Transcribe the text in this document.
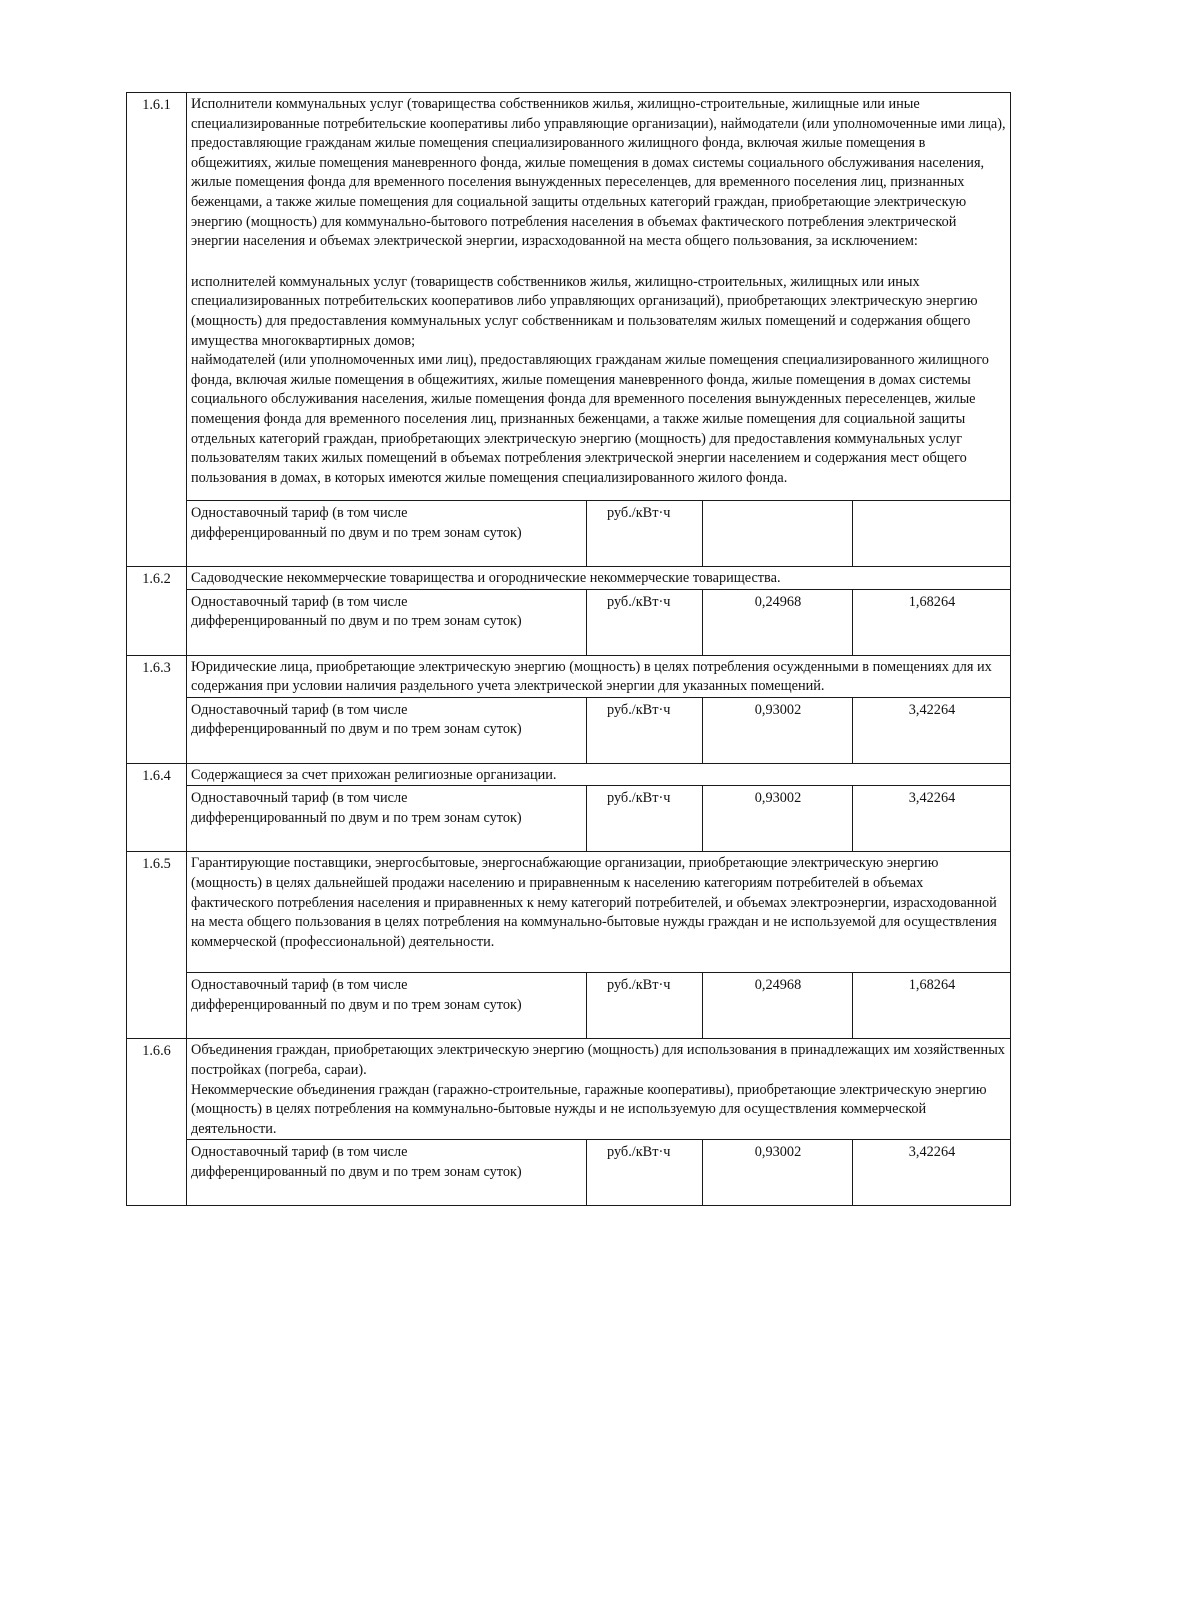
1.6.1	Исполнители коммунальных услуг (товарищества собственников жилья, жилищно-строительные, жилищные или иные специализированные потребительские кооперативы либо управляющие организации), наймодатели (или уполномоченные ими лица), предоставляющие гражданам жилые помещения специализированного жилищного фонда, включая жилые помещения в общежитиях, жилые помещения маневренного фонда, жилые помещения в домах системы социального обслуживания населения, жилые помещения фонда для временного поселения вынужденных переселенцев, для временного поселения лиц, признанных беженцами, а также жилые помещения для социальной защиты отдельных категорий граждан, приобретающие электрическую энергию (мощность) для коммунально-бытового потребления населения в объемах фактического потребления электрической энергии населения и объемах электрической энергии, израсходованной на места общего пользования, за исключением:

исполнителей коммунальных услуг (товариществ собственников жилья, жилищно-строительных, жилищных или иных специализированных потребительских кооперативов либо управляющих организаций), приобретающих электрическую энергию (мощность) для предоставления коммунальных услуг собственникам и пользователям жилых помещений и содержания общего имущества многоквартирных домов;

наймодателей (или уполномоченных ими лиц), предоставляющих гражданам жилые помещения специализированного жилищного фонда, включая жилые помещения в общежитиях, жилые помещения маневренного фонда, жилые помещения в домах системы социального обслуживания населения, жилые помещения фонда для временного поселения вынужденных переселенцев, жилые помещения фонда для временного поселения лиц, признанных беженцами, а также жилые помещения для социальной защиты отдельных категорий граждан, приобретающих электрическую энергию (мощность) для предоставления коммунальных услуг пользователям таких жилых помещений в объемах потребления электрической энергии населением и содержания мест общего пользования в домах, в которых имеются жилые помещения специализированного жилого фонда.			

	Одноставочный тариф (в том числе
дифференцированный по двум и по трем зонам суток)	руб./кВт·ч		
1.6.2	Садоводческие некоммерческие товарищества и огороднические некоммерческие товарищества.			

	Одноставочный тариф (в том числе
дифференцированный по двум и по трем зонам суток)	руб./кВт·ч	0,24968	1,68264
1.6.3	Юридические лица, приобретающие электрическую энергию (мощность) в целях потребления осужденными в помещениях для их содержания при условии наличия раздельного учета электрической энергии для указанных помещений.			

	Одноставочный тариф (в том числе
дифференцированный по двум и по трем зонам суток)	руб./кВт·ч	0,93002	3,42264
1.6.4	Содержащиеся за счет прихожан религиозные организации.			

	Одноставочный тариф (в том числе
дифференцированный по двум и по трем зонам суток)	руб./кВт·ч	0,93002	3,42264
1.6.5	Гарантирующие поставщики, энергосбытовые, энергоснабжающие организации, приобретающие электрическую энергию (мощность) в целях дальнейшей продажи населению и приравненным к населению категориям потребителей в объемах фактического потребления населения и приравненных к нему категорий потребителей, и объемах электроэнергии, израсходованной на места общего пользования в целях потребления на коммунально-бытовые нужды граждан и не используемой для осуществления коммерческой (профессиональной) деятельности.			

	Одноставочный тариф (в том числе
дифференцированный по двум и по трем зонам суток)	руб./кВт·ч	0,24968	1,68264
1.6.6	Объединения граждан, приобретающих электрическую энергию (мощность) для использования в принадлежащих им хозяйственных постройках (погреба, сараи).

Некоммерческие объединения граждан (гаражно-строительные, гаражные кооперативы), приобретающие электрическую энергию (мощность) в целях потребления на коммунально-бытовые нужды и не используемую для осуществления коммерческой деятельности.			

	Одноставочный тариф (в том числе
дифференцированный по двум и по трем зонам суток)	руб./кВт·ч	0,93002	3,42264
